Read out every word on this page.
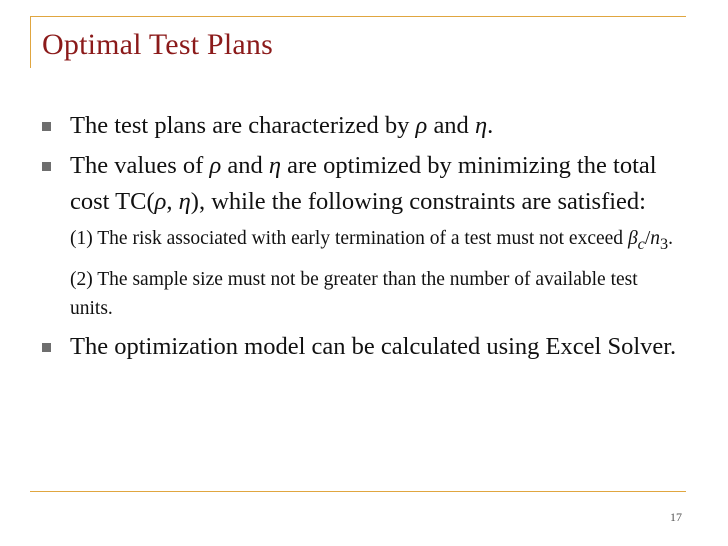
Optimal Test Plans
The test plans are characterized by ρ and η.
The values of ρ and η are optimized by minimizing the total cost TC(ρ, η), while the following constraints are satisfied:
(1) The risk associated with early termination of a test must not exceed $\beta_c/n_3$.
(2) The sample size must not be greater than the number of available test units.
The optimization model can be calculated using Excel Solver.
17
